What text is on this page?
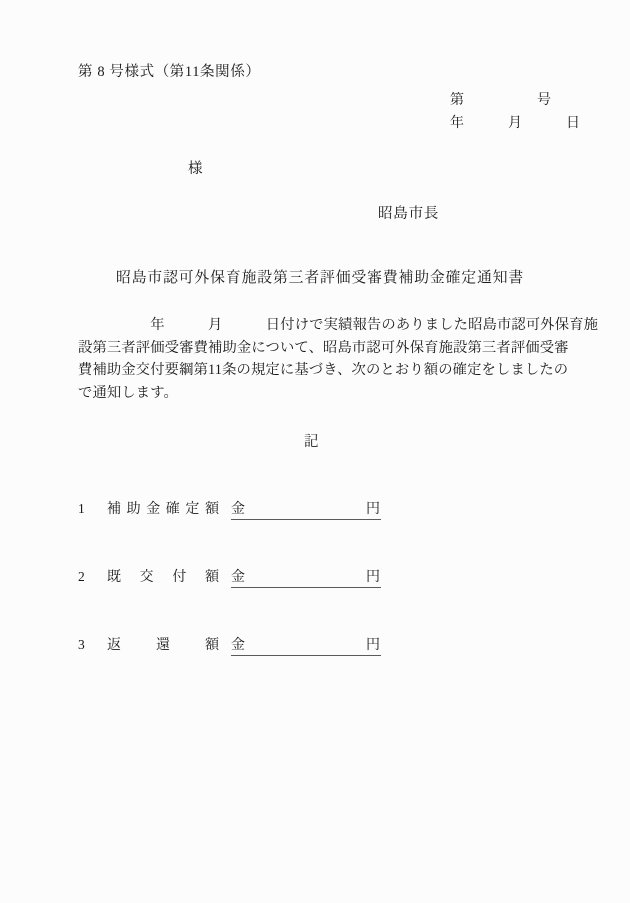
第 8 号様式（第11条関係）
第　　　　　号
年　　　月　　　日
様
昭島市長
昭島市認可外保育施設第三者評価受審費補助金確定通知書
　　　　　年　　　月　　　日付けで実績報告のありました昭島市認可外保育施
設第三者評価受審費補助金について、昭島市認可外保育施設第三者評価受審
費補助金交付要綱第11条の規定に基づき、次のとおり額の確定をしましたの
で通知します。
記
1	補 助 金 確 定 額 金	円
2	既 交 付 額 金	円
3	返	還	額 金	円
